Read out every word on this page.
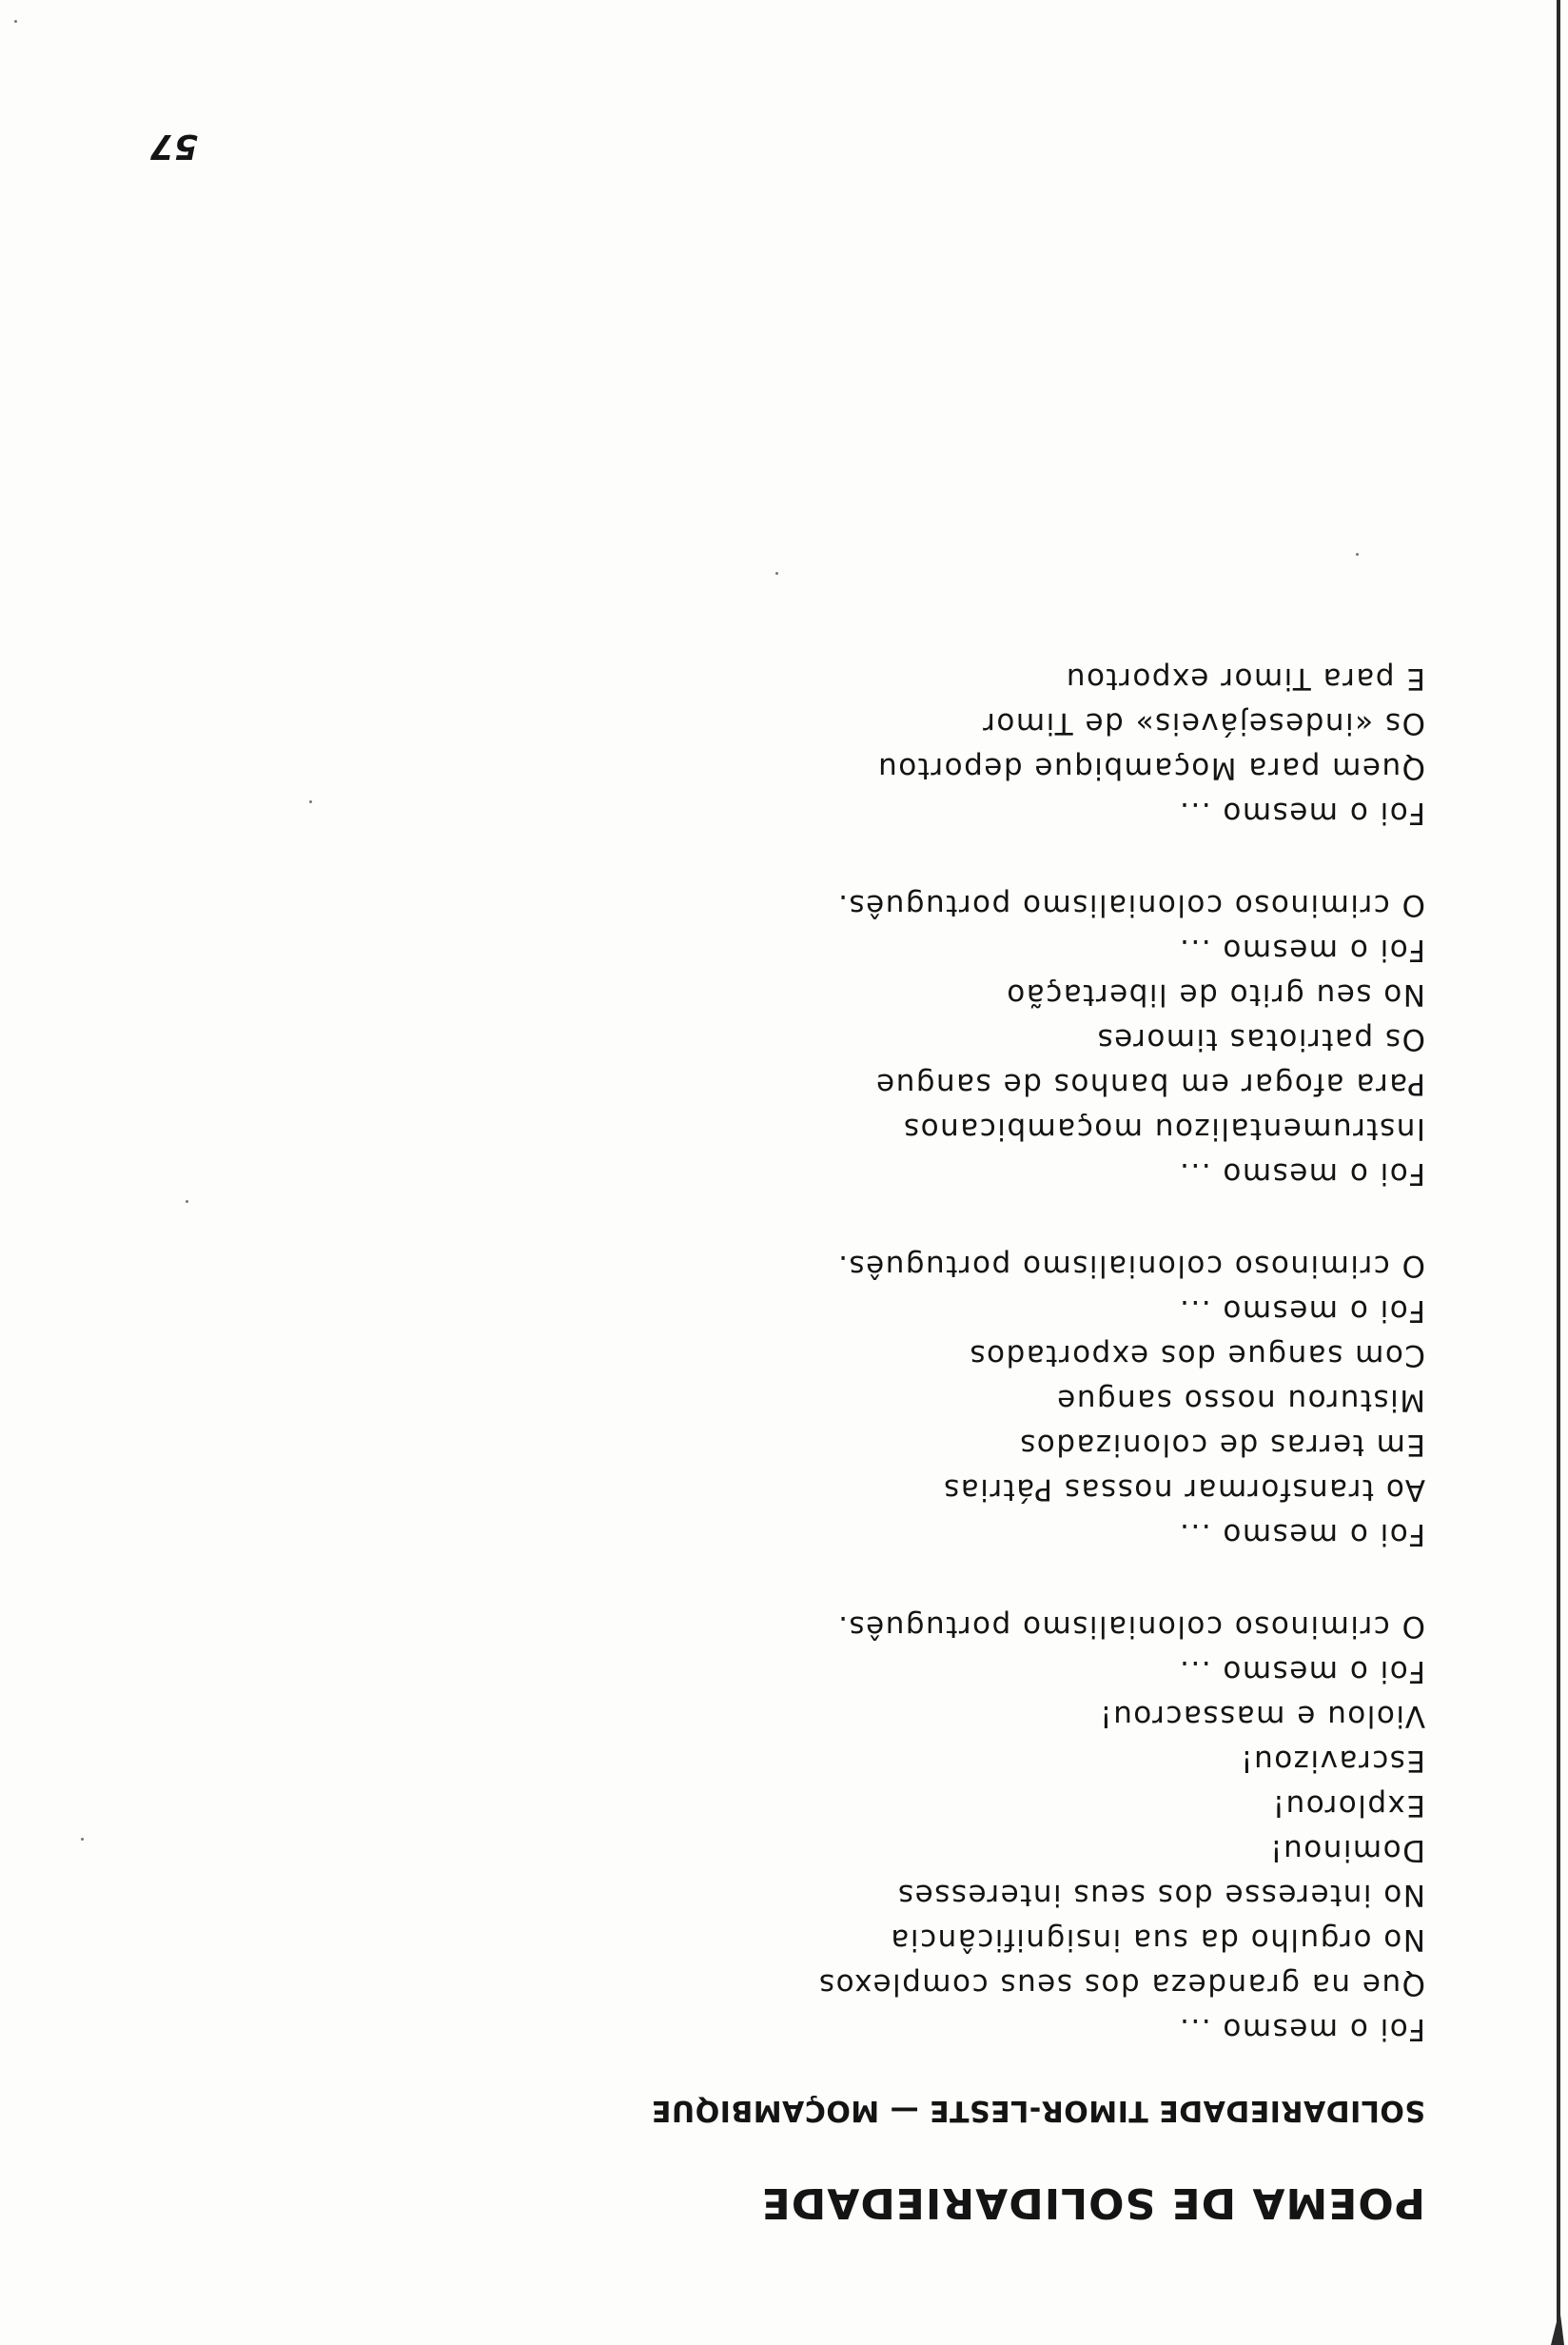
POEMA DE SOLIDARIEDADE
SOLIDARIEDADE TIMOR-LESTE — MOÇAMBIQUE
Foi o mesmo ...
Que na grandeza dos seus complexos
No orgulho da sua insignificância
No interesse dos seus interesses
Dominou!
Explorou!
Escravizou!
Violou e massacrou!
Foi o mesmo ...
O criminoso colonialismo português.
Foi o mesmo ...
Ao transformar nossas Pátrias
Em terras de colonizados
Misturou nosso sangue
Com sangue dos exportados
Foi o mesmo ...
O criminoso colonialismo português.
Foi o mesmo ...
Instrumentalizou moçambicanos
Para afogar em banhos de sangue
Os patriotas timores
No seu grito de libertação
Foi o mesmo ...
O criminoso colonialismo português.
Foi o mesmo ...
Quem para Moçambique deportou
Os «indesejáveis» de Timor
E para Timor exportou
57
